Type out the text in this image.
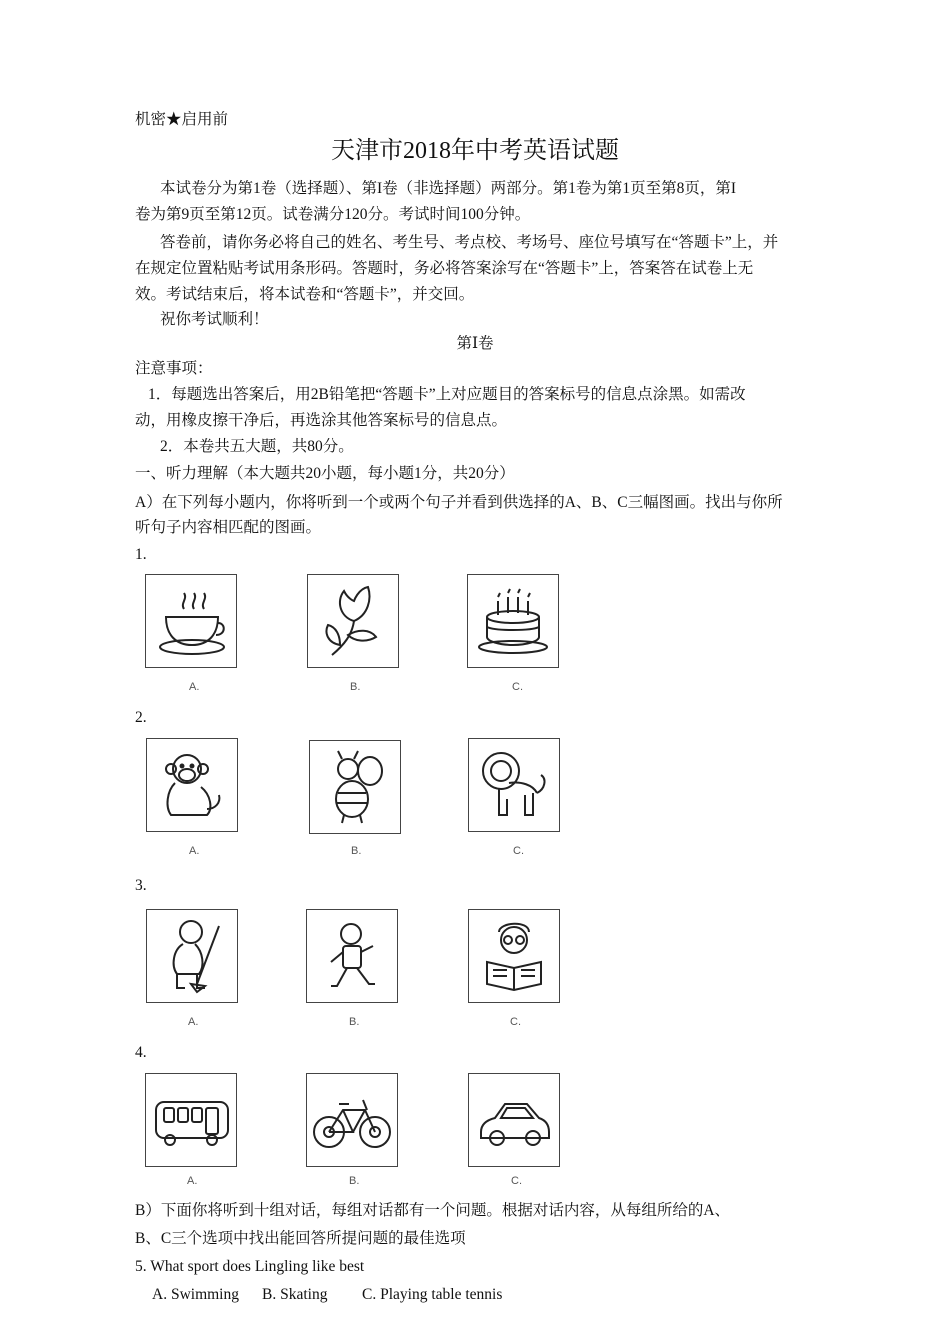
机密★启用前
天津市2018年中考英语试题
本试卷分为第1卷（选择题）、第I卷（非选择题）两部分。第1卷为第1页至第8页，第I
卷为第9页至第12页。试卷满分120分。考试时间100分钟。
答卷前，请你务必将自己的姓名、考生号、考点校、考场号、座位号填写在“答题卡”上，并
在规定位置粘贴考试用条形码。答题时，务必将答案涂写在“答题卡”上，答案答在试卷上无
效。考试结束后，将本试卷和“答题卡”，并交回。
祝你考试顺利！
第Ⅰ卷
注意事项：
1．每题选出答案后，用2B铅笔把“答题卡”上对应题目的答案标号的信息点涂黑。如需改
动，用橡皮擦干净后，再选涂其他答案标号的信息点。
2．本卷共五大题，共80分。
一、听力理解（本大题共20小题，每小题1分，共20分）
A）在下列每小题内，你将听到一个或两个句子并看到供选择的A、B、C三幅图画。找出与你所
听句子内容相匹配的图画。
1.
A.	B.	C.
2.
A.	B.	C.
3.
A.	B.	C.
4.
A.	B.	C.
B）下面你将听到十组对话，每组对话都有一个问题。根据对话内容，从每组所给的A、
B、C三个选项中找出能回答所提问题的最佳选项
5. What sport does Lingling like best
A. Swimming B. Skating C. Playing table tennis
